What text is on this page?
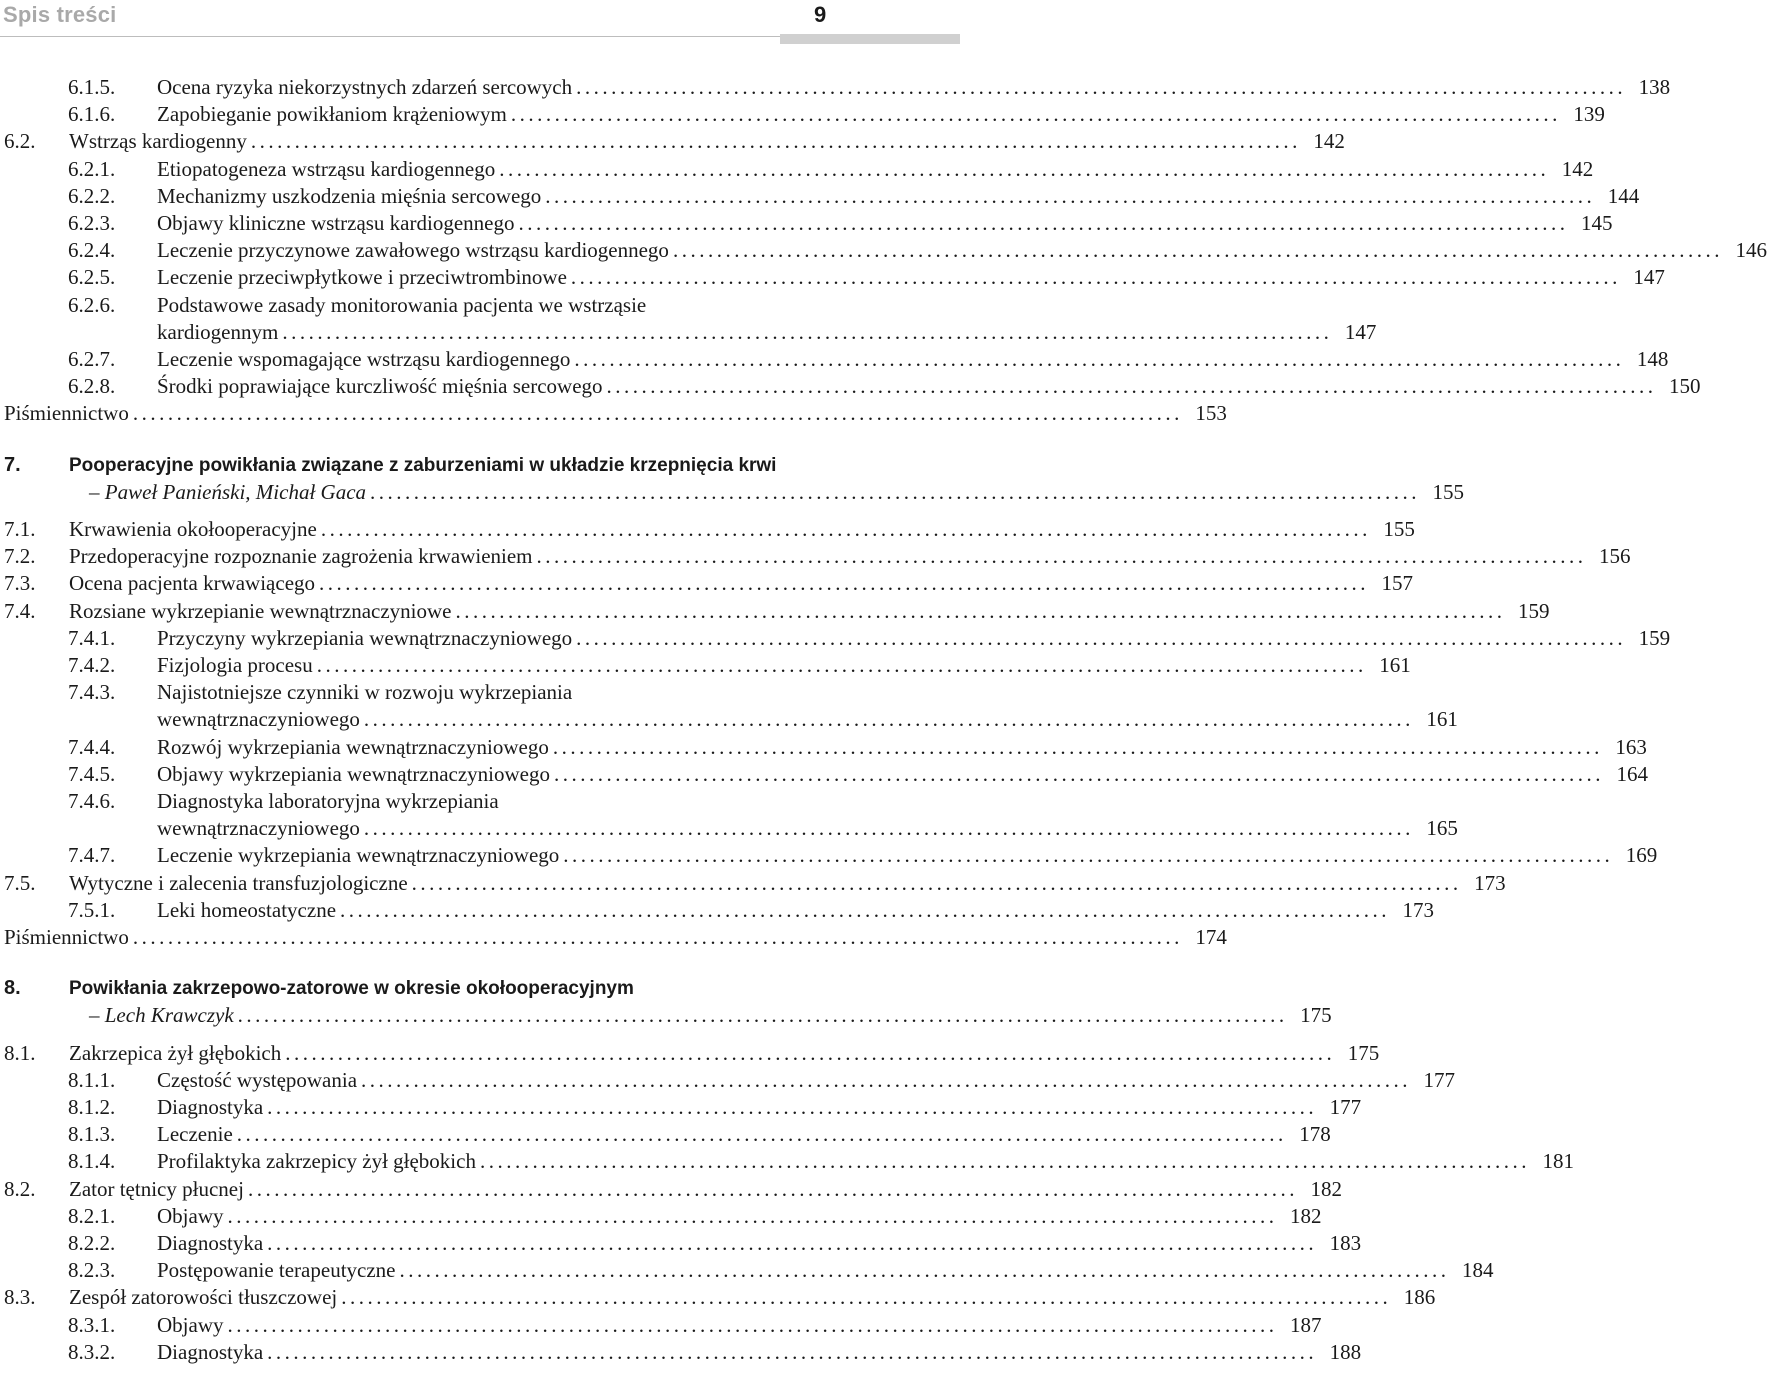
Spis treści	9
6.1.5. Ocena ryzyka niekorzystnych zdarzeń sercowych ........................................................................................................................ 138
6.1.6. Zapobieganie powikłaniom krążeniowym ........................................................................................................................ 139
6.2. Wstrząs kardiogenny ........................................................................................................................ 142
6.2.1. Etiopatogeneza wstrząsu kardiogennego ........................................................................................................................ 142
6.2.2. Mechanizmy uszkodzenia mięśnia sercowego ........................................................................................................................ 144
6.2.3. Objawy kliniczne wstrząsu kardiogennego ........................................................................................................................ 145
6.2.4. Leczenie przyczynowe zawałowego wstrząsu kardiogennego ........................................................................................................................ 146
6.2.5. Leczenie przeciwpłytkowe i przeciwtrombinowe ........................................................................................................................ 147
6.2.6. Podstawowe zasady monitorowania pacjenta we wstrząsie
kardiogennym ........................................................................................................................ 147
6.2.7. Leczenie wspomagające wstrząsu kardiogennego ........................................................................................................................ 148
6.2.8. Środki poprawiające kurczliwość mięśnia sercowego ........................................................................................................................ 150
Piśmiennictwo ........................................................................................................................ 153
7.	Pooperacyjne powikłania związane z zaburzeniami w układzie krzepnięcia krwi
– Paweł Panieński, Michał Gaca ........................................................................................................................ 155
7.1. Krwawienia okołooperacyjne ........................................................................................................................ 155
7.2. Przedoperacyjne rozpoznanie zagrożenia krwawieniem ........................................................................................................................ 156
7.3. Ocena pacjenta krwawiącego ........................................................................................................................ 157
7.4. Rozsiane wykrzepianie wewnątrznaczyniowe ........................................................................................................................ 159
7.4.1. Przyczyny wykrzepiania wewnątrznaczyniowego ........................................................................................................................ 159
7.4.2. Fizjologia procesu ........................................................................................................................ 161
7.4.3. Najistotniejsze czynniki w rozwoju wykrzepiania
wewnątrznaczyniowego ........................................................................................................................ 161
7.4.4. Rozwój wykrzepiania wewnątrznaczyniowego ........................................................................................................................ 163
7.4.5. Objawy wykrzepiania wewnątrznaczyniowego ........................................................................................................................ 164
7.4.6. Diagnostyka laboratoryjna wykrzepiania
wewnątrznaczyniowego ........................................................................................................................ 165
7.4.7. Leczenie wykrzepiania wewnątrznaczyniowego ........................................................................................................................ 169
7.5. Wytyczne i zalecenia transfuzjologiczne ........................................................................................................................ 173
7.5.1. Leki homeostatyczne ........................................................................................................................ 173
Piśmiennictwo ........................................................................................................................ 174
8.	Powikłania zakrzepowo-zatorowe w okresie okołooperacyjnym
– Lech Krawczyk ........................................................................................................................ 175
8.1. Zakrzepica żył głębokich ........................................................................................................................ 175
8.1.1. Częstość występowania ........................................................................................................................ 177
8.1.2. Diagnostyka ........................................................................................................................ 177
8.1.3. Leczenie ........................................................................................................................ 178
8.1.4. Profilaktyka zakrzepicy żył głębokich ........................................................................................................................ 181
8.2. Zator tętnicy płucnej ........................................................................................................................ 182
8.2.1. Objawy ........................................................................................................................ 182
8.2.2. Diagnostyka ........................................................................................................................ 183
8.2.3. Postępowanie terapeutyczne ........................................................................................................................ 184
8.3. Zespół zatorowości tłuszczowej ........................................................................................................................ 186
8.3.1. Objawy ........................................................................................................................ 187
8.3.2. Diagnostyka ........................................................................................................................ 188
